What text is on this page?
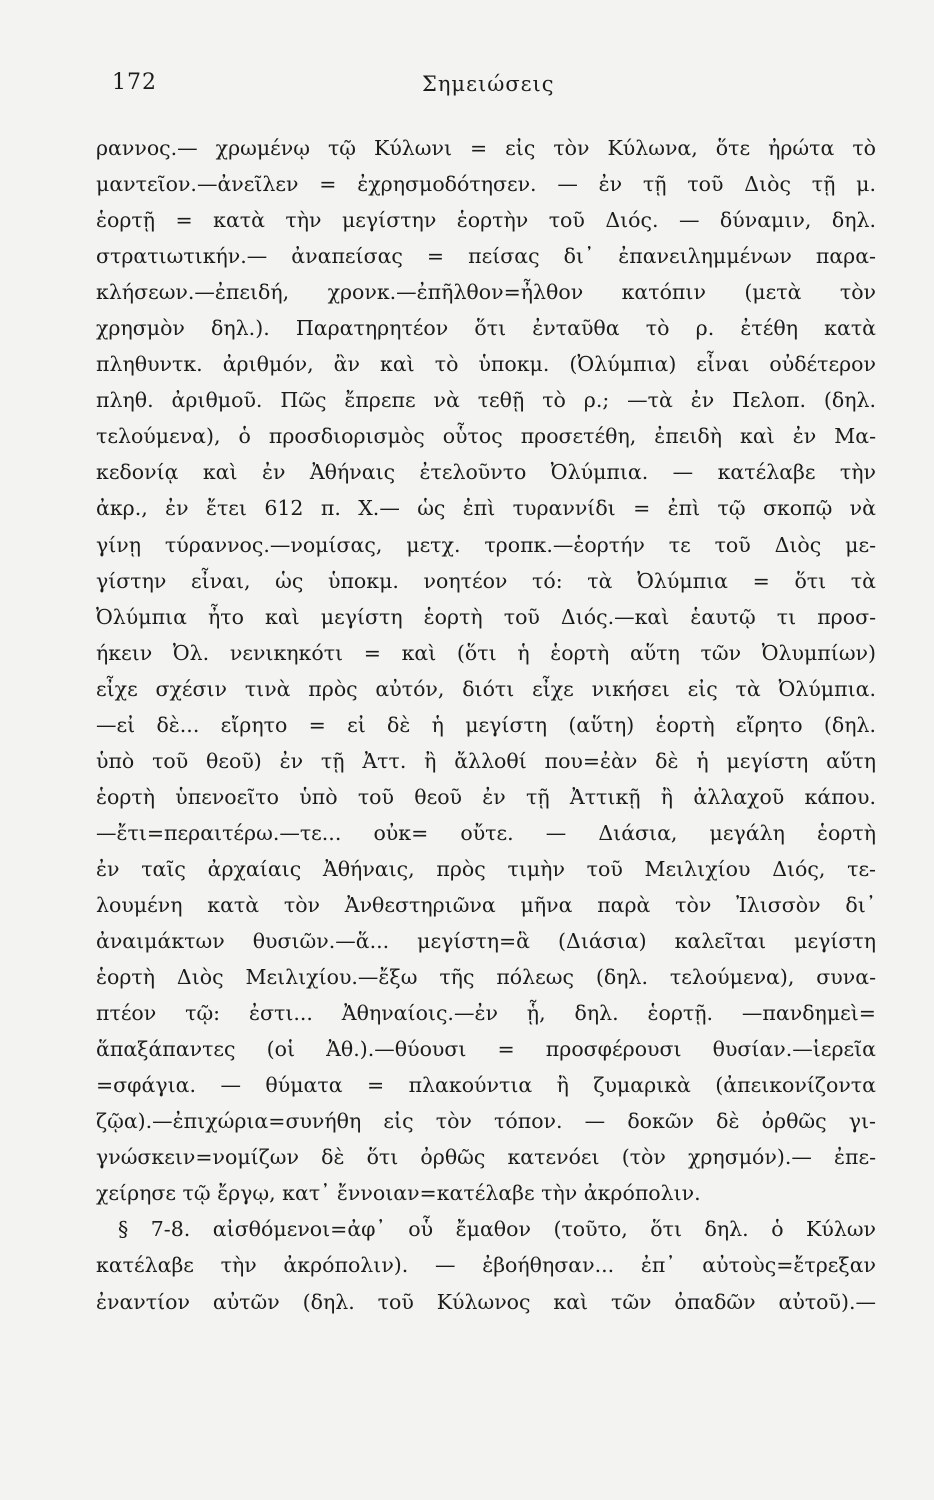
172	Σημειώσεις
ραννος.— χρωμένῳ τῷ Κύλωνι = εἰς τὸν Κύλωνα, ὅτε ἠρώτα τὸ
μαντεῖον.—ἀνεῖλεν = ἐχρησμοδότησεν. — ἐν τῇ τοῦ Διὸς τῇ μ.
ἑορτῇ = κατὰ τὴν μεγίστην ἑορτὴν τοῦ Διός. — δύναμιν, δηλ.
στρατιωτικήν.— ἀναπείσας = πείσας δι᾽ ἐπανειλημμένων παρα-
κλήσεων.—ἐπειδή, χρονκ.—ἐπῆλθον=ἦλθον κατόπιν (μετὰ τὸν
χρησμὸν δηλ.). Παρατηρητέον ὅτι ἐνταῦθα τὸ ρ. ἐτέθη κατὰ
πληθυντκ. ἀριθμόν, ἂν καὶ τὸ ὑποκμ. (Ὀλύμπια) εἶναι οὐδέτερον
πληθ. ἀριθμοῦ. Πῶς ἔπρεπε νὰ τεθῇ τὸ ρ.; —τὰ ἐν Πελοπ. (δηλ.
τελούμενα), ὁ προσδιορισμὸς οὗτος προσετέθη, ἐπειδὴ καὶ ἐν Μα-
κεδονίᾳ καὶ ἐν Ἀθήναις ἐτελοῦντο Ὀλύμπια. — κατέλαβε τὴν
ἀκρ., ἐν ἔτει 612 π. Χ.— ὡς ἐπὶ τυραννίδι = ἐπὶ τῷ σκοπῷ νὰ
γίνῃ τύραννος.—νομίσας, μετχ. τροπκ.—ἑορτήν τε τοῦ Διὸς με-
γίστην εἶναι, ὡς ὑποκμ. νοητέον τό: τὰ Ὀλύμπια = ὅτι τὰ
Ὀλύμπια ἦτο καὶ μεγίστη ἑορτὴ τοῦ Διός.—καὶ ἑαυτῷ τι προσ-
ήκειν Ὀλ. νενικηκότι = καὶ (ὅτι ἡ ἑορτὴ αὕτη τῶν Ὀλυμπίων)
εἶχε σχέσιν τινὰ πρὸς αὐτόν, διότι εἶχε νικήσει εἰς τὰ Ὀλύμπια.
—εἰ δὲ... εἴρητο = εἰ δὲ ἡ μεγίστη (αὕτη) ἑορτὴ εἴρητο (δηλ.
ὑπὸ τοῦ θεοῦ) ἐν τῇ Ἀττ. ἢ ἄλλοθί που=ἐὰν δὲ ἡ μεγίστη αὕτη
ἑορτὴ ὑπενοεῖτο ὑπὸ τοῦ θεοῦ ἐν τῇ Ἀττικῇ ἢ ἀλλαχοῦ κάπου.
—ἔτι=περαιτέρω.—τε... οὐκ= οὔτε. — Διάσια, μεγάλη ἑορτὴ
ἐν ταῖς ἀρχαίαις Ἀθήναις, πρὸς τιμὴν τοῦ Μειλιχίου Διός, τε-
λουμένη κατὰ τὸν Ἀνθεστηριῶνα μῆνα παρὰ τὸν Ἰλισσὸν δι᾽
ἀναιμάκτων θυσιῶν.—ἅ... μεγίστη=ἃ (Διάσια) καλεῖται μεγίστη
ἑορτὴ Διὸς Μειλιχίου.—ἔξω τῆς πόλεως (δηλ. τελούμενα), συνα-
πτέον τῷ: ἐστι... Ἀθηναίοις.—ἐν ᾗ, δηλ. ἑορτῇ. —πανδημεὶ=
ἅπαξάπαντες (οἱ Ἀθ.).—θύουσι = προσφέρουσι θυσίαν.—ἱερεῖα
=σφάγια. — θύματα = πλακούντια ἢ ζυμαρικὰ (ἀπεικονίζοντα
ζῷα).—ἐπιχώρια=συνήθη εἰς τὸν τόπον. — δοκῶν δὲ ὀρθῶς γι-
γνώσκειν=νομίζων δὲ ὅτι ὀρθῶς κατενόει (τὸν χρησμόν).— ἐπε-
χείρησε τῷ ἔργῳ, κατ᾽ ἔννοιαν=κατέλαβε τὴν ἀκρόπολιν.
§ 7-8. αἰσθόμενοι=ἀφ᾽ οὗ ἔμαθον (τοῦτο, ὅτι δηλ. ὁ Κύλων
κατέλαβε τὴν ἀκρόπολιν). — ἐβοήθησαν... ἐπ᾽ αὐτοὺς=ἔτρεξαν
ἐναντίον αὐτῶν (δηλ. τοῦ Κύλωνος καὶ τῶν ὀπαδῶν αὐτοῦ).—
